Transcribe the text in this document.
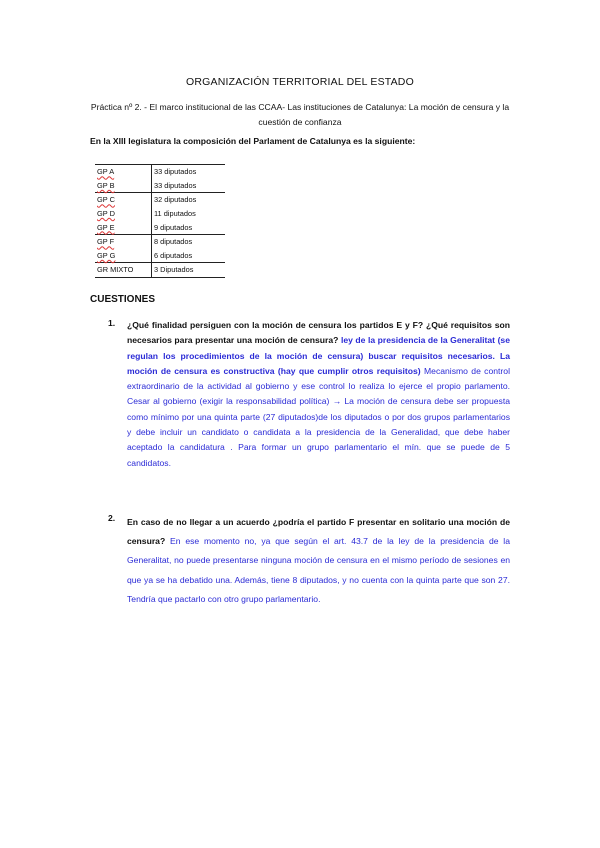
ORGANIZACIÓN TERRITORIAL DEL ESTADO
Práctica nº 2. - El marco institucional de las CCAA- Las instituciones de Catalunya: La moción de censura y la cuestión de confianza
En la XIII legislatura la composición del Parlament de Catalunya es la siguiente:
GP A	33 diputados
GP B	33 diputados
GP C	32 diputados
GP D	11 diputados
GP E	9 diputados
GP F	8 diputados
GP G	6 diputados
GR MIXTO	3 Diputados
CUESTIONES
1. ¿Qué finalidad persiguen con la moción de censura los partidos E y F? ¿Qué requisitos son necesarios para presentar una moción de censura? ley de la presidencia de la Generalitat (se regulan los procedimientos de la moción de censura) buscar requisitos necesarios. La moción de censura es constructiva (hay que cumplir otros requisitos) Mecanismo de control extraordinario de la actividad al gobierno y ese control lo realiza lo ejerce el propio parlamento. Cesar al gobierno (exigir la responsabilidad política) → La moción de censura debe ser propuesta como mínimo por una quinta parte (27 diputados)de los diputados o por dos grupos parlamentarios y debe incluir un candidato o candidata a la presidencia de la Generalidad, que debe haber aceptado la candidatura . Para formar un grupo parlamentario el mín. que se puede de 5 candidatos.
2. En caso de no llegar a un acuerdo ¿podría el partido F presentar en solitario una moción de censura? En ese momento no, ya que según el art. 43.7 de la ley de la presidencia de la Generalitat, no puede presentarse ninguna moción de censura en el mismo período de sesiones en que ya se ha debatido una. Además, tiene 8 diputados, y no cuenta con la quinta parte que son 27. Tendría que pactarlo con otro grupo parlamentario.
